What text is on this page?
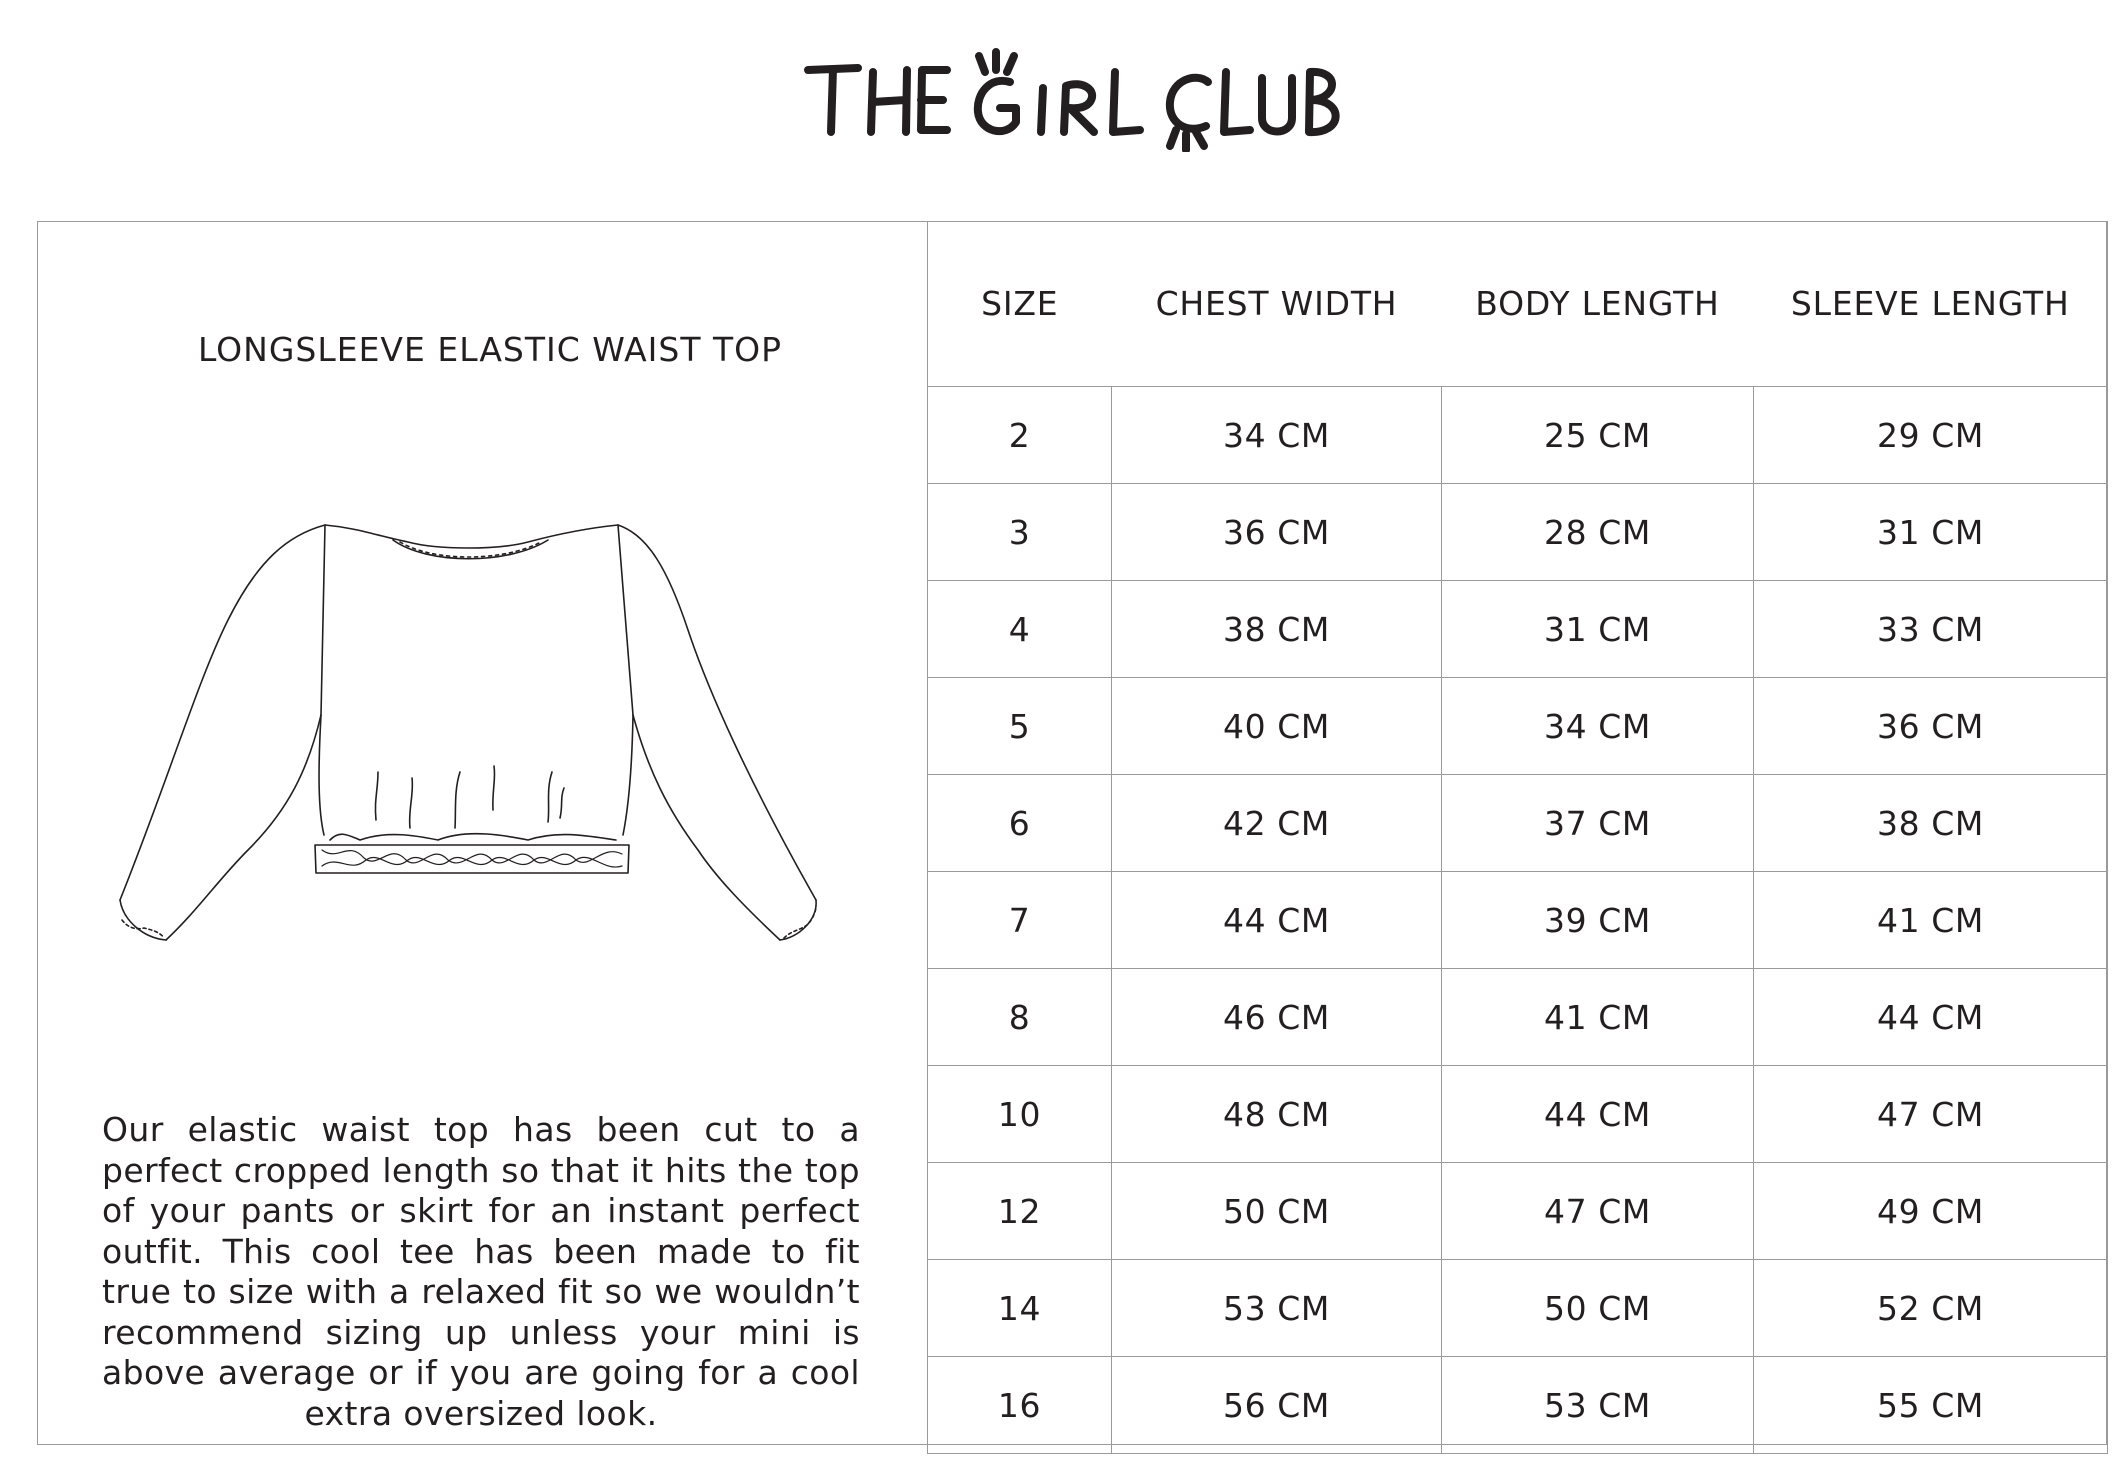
LONGSLEEVE ELASTIC WAIST TOP
Our elastic waist top has been cut to a perfect cropped length so that it hits the top of your pants or skirt for an instant perfect outfit. This cool tee has been made to fit true to size with a relaxed fit so we wouldn’t recommend sizing up unless your mini is above average or if you are going for a cool extra oversized look.
SIZE	CHEST WIDTH	BODY LENGTH	SLEEVE LENGTH
2	34 CM	25 CM	29 CM
3	36 CM	28 CM	31 CM
4	38 CM	31 CM	33 CM
5	40 CM	34 CM	36 CM
6	42 CM	37 CM	38 CM
7	44 CM	39 CM	41 CM
8	46 CM	41 CM	44 CM
10	48 CM	44 CM	47 CM
12	50 CM	47 CM	49 CM
14	53 CM	50 CM	52 CM
16	56 CM	53 CM	55 CM
